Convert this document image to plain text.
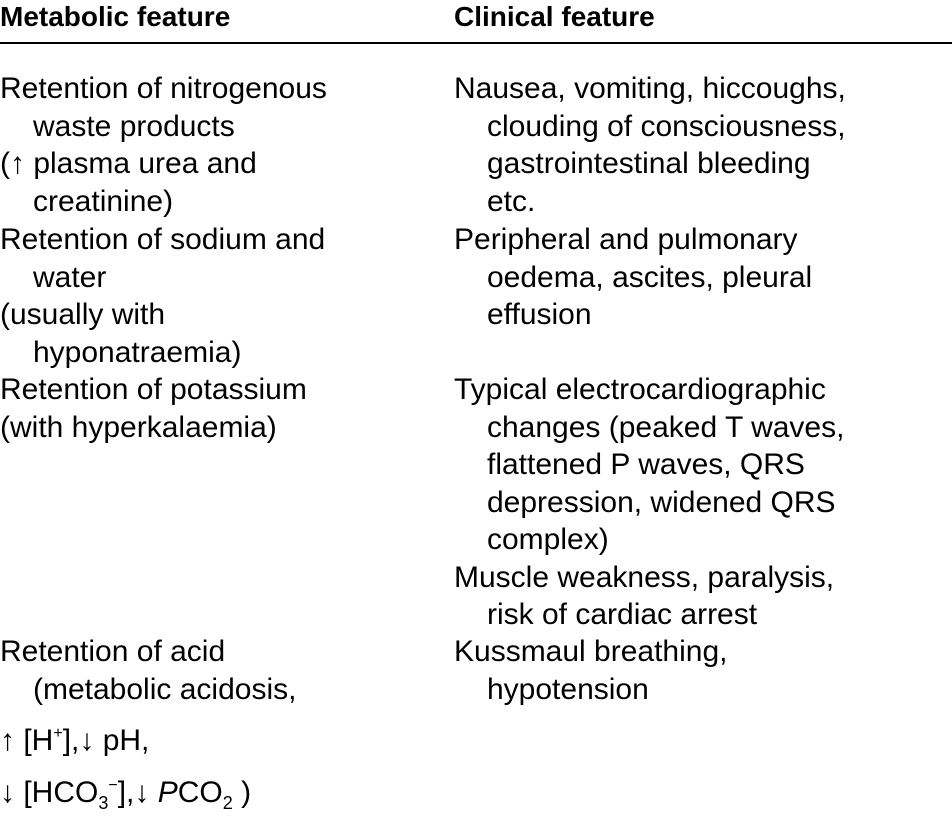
Metabolic feature	Clinical feature
Retention of nitrogenous
waste products
(↑ plasma urea and
creatinine)
Nausea, vomiting, hiccoughs,
clouding of consciousness,
gastrointestinal bleeding
etc.
Retention of sodium and
water
(usually with
hyponatraemia)
Peripheral and pulmonary
oedema, ascites, pleural
effusion
Retention of potassium
(with hyperkalaemia)
Typical electrocardiographic
changes (peaked T waves,
flattened P waves, QRS
depression, widened QRS
complex)
Muscle weakness, paralysis,
risk of cardiac arrest
Retention of acid
(metabolic acidosis,
↑ [H+],↓ pH,
↓ $[HCO_3^-],↓$ $PCO_2$ )
Kussmaul breathing,
hypotension
